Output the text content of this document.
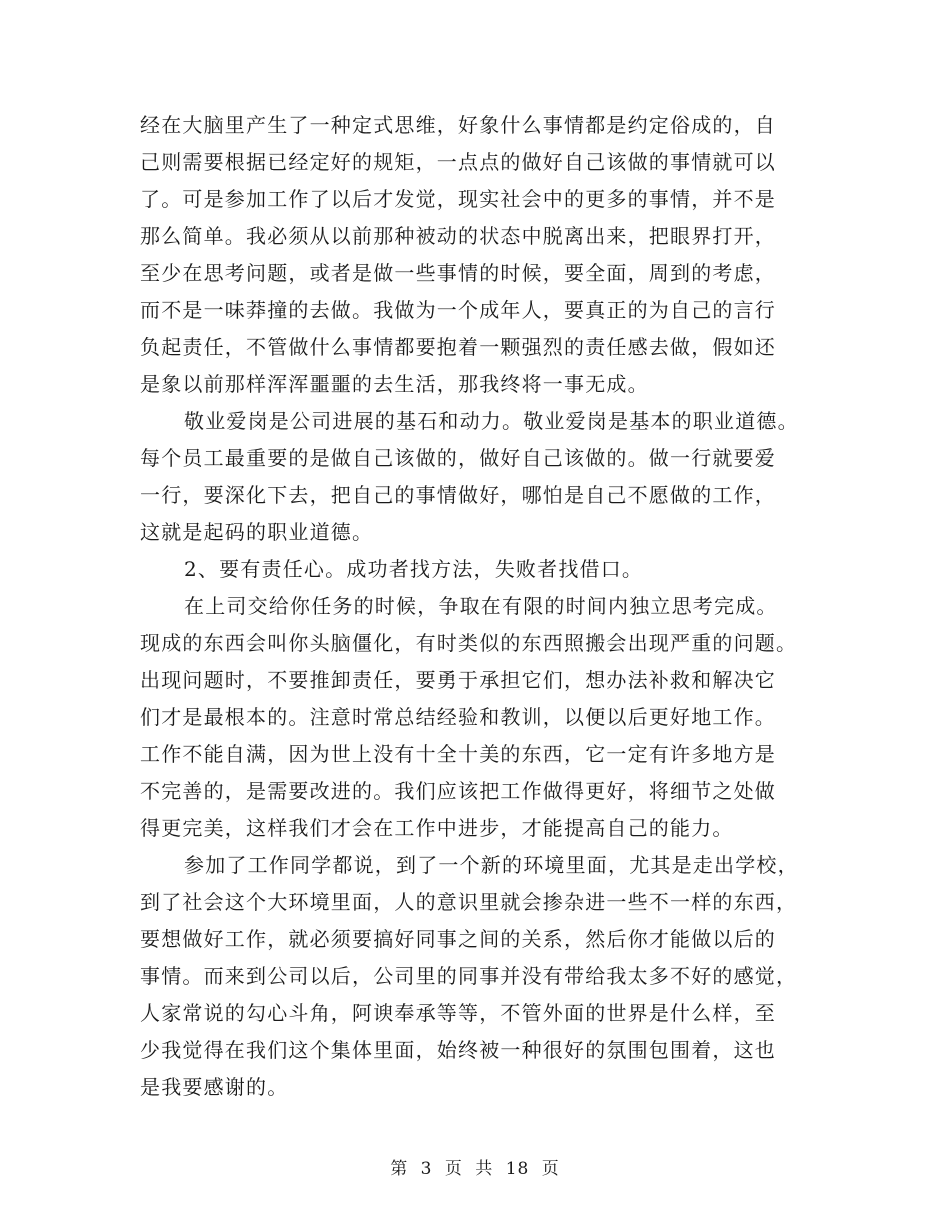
经在大脑里产生了一种定式思维，好象什么事情都是约定俗成的，自
己则需要根据已经定好的规矩，一点点的做好自己该做的事情就可以
了。可是参加工作了以后才发觉，现实社会中的更多的事情，并不是
那么简单。我必须从以前那种被动的状态中脱离出来，把眼界打开，
至少在思考问题，或者是做一些事情的时候，要全面，周到的考虑，
而不是一味莽撞的去做。我做为一个成年人，要真正的为自己的言行
负起责任，不管做什么事情都要抱着一颗强烈的责任感去做，假如还
是象以前那样浑浑噩噩的去生活，那我终将一事无成。
敬业爱岗是公司进展的基石和动力。敬业爱岗是基本的职业道德。
每个员工最重要的是做自己该做的，做好自己该做的。做一行就要爱
一行，要深化下去，把自己的事情做好，哪怕是自己不愿做的工作，
这就是起码的职业道德。
2、要有责任心。成功者找方法，失败者找借口。
在上司交给你任务的时候，争取在有限的时间内独立思考完成。
现成的东西会叫你头脑僵化，有时类似的东西照搬会出现严重的问题。
出现问题时，不要推卸责任，要勇于承担它们，想办法补救和解决它
们才是最根本的。注意时常总结经验和教训，以便以后更好地工作。
工作不能自满，因为世上没有十全十美的东西，它一定有许多地方是
不完善的，是需要改进的。我们应该把工作做得更好，将细节之处做
得更完美，这样我们才会在工作中进步，才能提高自己的能力。
参加了工作同学都说，到了一个新的环境里面，尤其是走出学校，
到了社会这个大环境里面，人的意识里就会掺杂进一些不一样的东西，
要想做好工作，就必须要搞好同事之间的关系，然后你才能做以后的
事情。而来到公司以后，公司里的同事并没有带给我太多不好的感觉，
人家常说的勾心斗角，阿谀奉承等等，不管外面的世界是什么样，至
少我觉得在我们这个集体里面，始终被一种很好的氛围包围着，这也
是我要感谢的。
第 3 页 共 18 页
